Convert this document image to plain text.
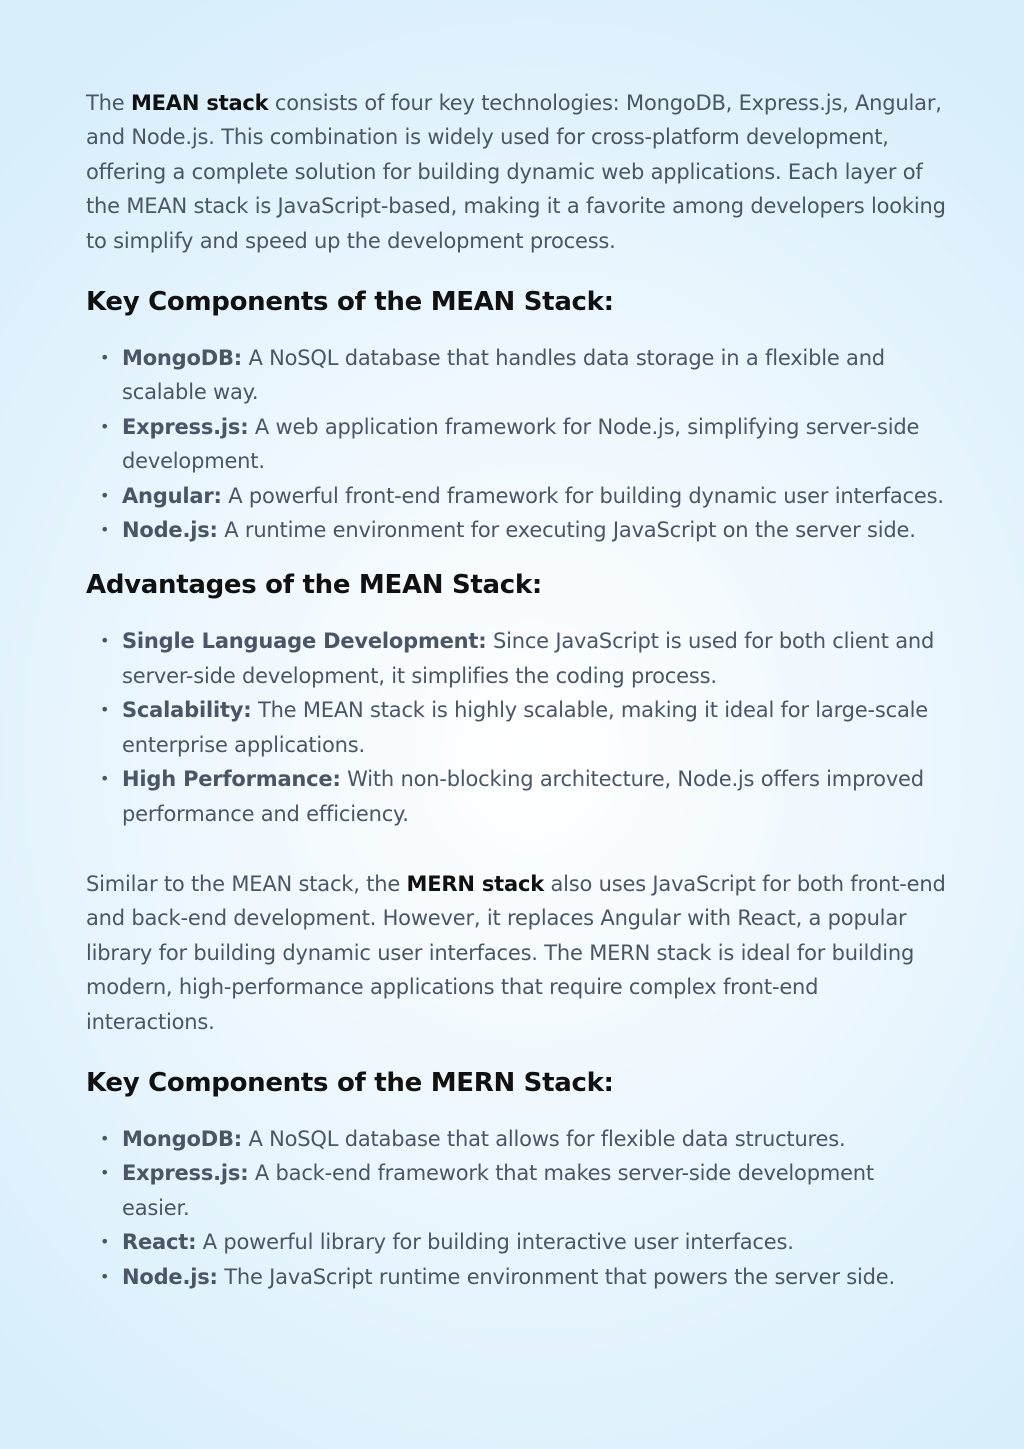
The MEAN stack consists of four key technologies: MongoDB, Express.js, Angular, and Node.js. This combination is widely used for cross-platform development, offering a complete solution for building dynamic web applications. Each layer of the MEAN stack is JavaScript-based, making it a favorite among developers looking to simplify and speed up the development process.

Key Components of the MEAN Stack:
• MongoDB: A NoSQL database that handles data storage in a flexible and scalable way.
• Express.js: A web application framework for Node.js, simplifying server-side development.
• Angular: A powerful front-end framework for building dynamic user interfaces.
• Node.js: A runtime environment for executing JavaScript on the server side.
Advantages of the MEAN Stack:
• Single Language Development: Since JavaScript is used for both client and server-side development, it simplifies the coding process.
• Scalability: The MEAN stack is highly scalable, making it ideal for large-scale enterprise applications.
• High Performance: With non-blocking architecture, Node.js offers improved performance and efficiency.

Similar to the MEAN stack, the MERN stack also uses JavaScript for both front-end and back-end development. However, it replaces Angular with React, a popular library for building dynamic user interfaces. The MERN stack is ideal for building modern, high-performance applications that require complex front-end interactions.

Key Components of the MERN Stack:
• MongoDB: A NoSQL database that allows for flexible data structures.
• Express.js: A back-end framework that makes server-side development easier.
• React: A powerful library for building interactive user interfaces.
• Node.js: The JavaScript runtime environment that powers the server side.
